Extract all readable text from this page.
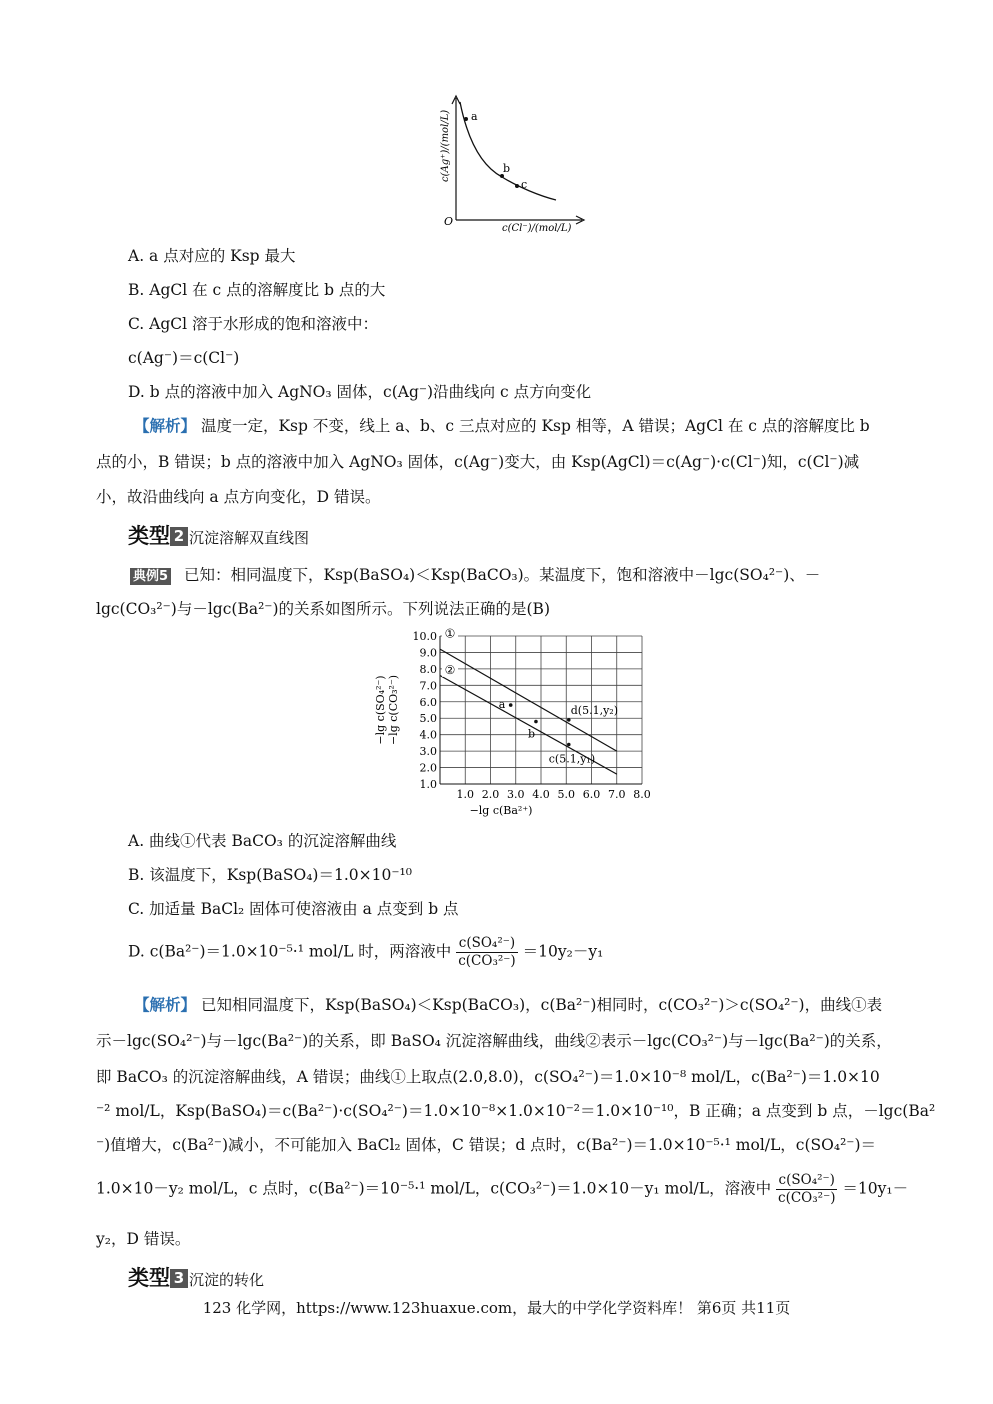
a
b
c
c(Ag⁺)/(mol/L)
c(Cl⁻)/(mol/L)
O
A. a 点对应的 Ksp 最大
B. AgCl 在 c 点的溶解度比 b 点的大
C. AgCl 溶于水形成的饱和溶液中：
c(Ag⁻)＝c(Cl⁻)
D. b 点的溶液中加入 AgNO₃ 固体，c(Ag⁻)沿曲线向 c 点方向变化
【解析】 温度一定，Ksp 不变，线上 a、b、c 三点对应的 Ksp 相等，A 错误；AgCl 在 c 点的溶解度比 b
点的小，B 错误；b 点的溶液中加入 AgNO₃ 固体，c(Ag⁻)变大，由 Ksp(AgCl)＝c(Ag⁻)·c(Cl⁻)知，c(Cl⁻)减
小，故沿曲线向 a 点方向变化，D 错误。
类型 2 沉淀溶解双直线图
典例5 已知：相同温度下，Ksp(BaSO₄)＜Ksp(BaCO₃)。某温度下，饱和溶液中－lgc(SO₄²⁻)、－
lgc(CO₃²⁻)与－lgc(Ba²⁻)的关系如图所示。下列说法正确的是(B)
1.0 2.0 3.0 4.0 5.0 6.0 7.0 8.0
1.0
2.0
3.0
4.0
5.0
6.0
7.0
8.0
9.0
10.0 ①
②
a
b
d(5.1,y₂)
c(5.1,y₁)
−lg c(Ba²⁺)
−lg c(SO₄²⁻) −lg c(CO₃²⁻)
A. 曲线①代表 BaCO₃ 的沉淀溶解曲线
B. 该温度下，Ksp(BaSO₄)＝1.0×10⁻¹⁰
C. 加适量 BaCl₂ 固体可使溶液由 a 点变到 b 点
D. c(Ba²⁻)＝1.0×10⁻⁵·¹ mol/L 时，两溶液中 $\frac{\text{c(SO₄²⁻)}}{\text{c(CO₃²⁻)}} =10y_2-y_1$
【解析】 已知相同温度下，Ksp(BaSO₄)＜Ksp(BaCO₃)，c(Ba²⁻)相同时，c(CO₃²⁻)＞c(SO₄²⁻)，曲线①表
示－lgc(SO₄²⁻)与－lgc(Ba²⁻)的关系，即 BaSO₄ 沉淀溶解曲线，曲线②表示－lgc(CO₃²⁻)与－lgc(Ba²⁻)的关系，
即 BaCO₃ 的沉淀溶解曲线，A 错误；曲线①上取点(2.0,8.0)，c(SO₄²⁻)＝1.0×10⁻⁸ mol/L，c(Ba²⁻)＝1.0×10
⁻² mol/L，Ksp(BaSO₄)＝c(Ba²⁻)·c(SO₄²⁻)＝1.0×10⁻⁸×1.0×10⁻²＝1.0×10⁻¹⁰，B 正确；a 点变到 b 点，－lgc(Ba²
⁻)值增大，c(Ba²⁻)减小，不可能加入 BaCl₂ 固体，C 错误；d 点时，c(Ba²⁻)＝1.0×10⁻⁵·¹ mol/L，c(SO₄²⁻)＝
1.0×10－y₂ mol/L，c 点时，c(Ba²⁻)＝10⁻⁵·¹ mol/L，c(CO₃²⁻)＝1.0×10－y₁ mol/L，溶液中 $\frac{\text{c(SO₄²⁻)}}{\text{c(CO₃²⁻)}} =10y_1-$
y₂，D 错误。
类型 3 沉淀的转化
123 化学网，https://www.123huaxue.com，最大的中学化学资料库！ 第6页 共11页
